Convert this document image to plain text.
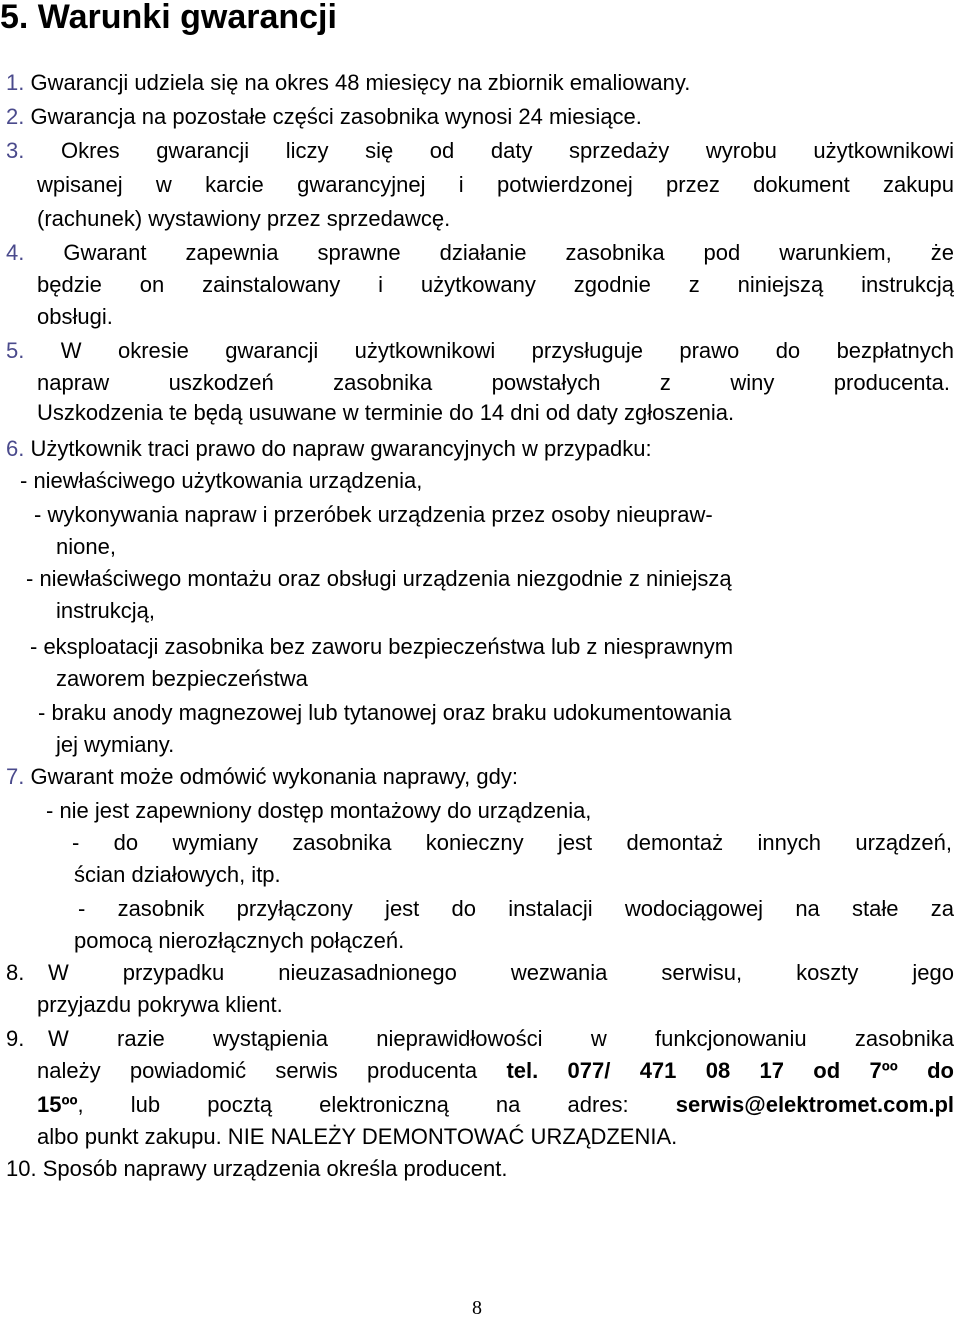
5. Warunki gwarancji

1. Gwarancji udziela się na okres 48 miesięcy na zbiornik emaliowany.

2. Gwarancja na pozostałe części zasobnika wynosi 24 miesiące.

3. Okres gwarancji liczy się od daty sprzedaży wyrobu użytkownikowi

wpisanej w karcie gwarancyjnej i potwierdzonej przez dokument zakupu

(rachunek) wystawiony przez sprzedawcę.

4. Gwarant zapewnia sprawne działanie zasobnika pod warunkiem, że

będzie on zainstalowany i użytkowany zgodnie z niniejszą instrukcją

obsługi.

5. W okresie gwarancji użytkownikowi przysługuje prawo do bezpłatnych

napraw uszkodzeń zasobnika powstałych z winy producenta.

Uszkodzenia te będą usuwane w terminie do 14 dni od daty zgłoszenia.

6. Użytkownik traci prawo do napraw gwarancyjnych w przypadku:

- niewłaściwego użytkowania urządzenia,

- wykonywania napraw i przeróbek urządzenia przez osoby nieupraw-

nione,

- niewłaściwego montażu oraz obsługi urządzenia niezgodnie z niniejszą

instrukcją,

- eksploatacji zasobnika bez zaworu bezpieczeństwa lub z niesprawnym

zaworem bezpieczeństwa

- braku anody magnezowej lub tytanowej oraz braku udokumentowania

jej wymiany.

7. Gwarant może odmówić wykonania naprawy, gdy:

- nie jest zapewniony dostęp montażowy do urządzenia,

- do wymiany zasobnika konieczny jest demontaż innych urządzeń,

ścian działowych, itp.

- zasobnik przyłączony jest do instalacji wodociągowej na stałe za

pomocą nierozłącznych połączeń.

8. W przypadku nieuzasadnionego wezwania serwisu, koszty jego

przyjazdu pokrywa klient.

9. W razie wystąpienia nieprawidłowości w funkcjonowaniu zasobnika

należy powiadomić serwis producenta tel. 077/ 471 08 17 od 7ºº do

15ºº, lub pocztą elektroniczną na adres: serwis@elektromet.com.pl

albo punkt zakupu. NIE NALEŻY DEMONTOWAĆ URZĄDZENIA.

10. Sposób naprawy urządzenia określa producent.

8
